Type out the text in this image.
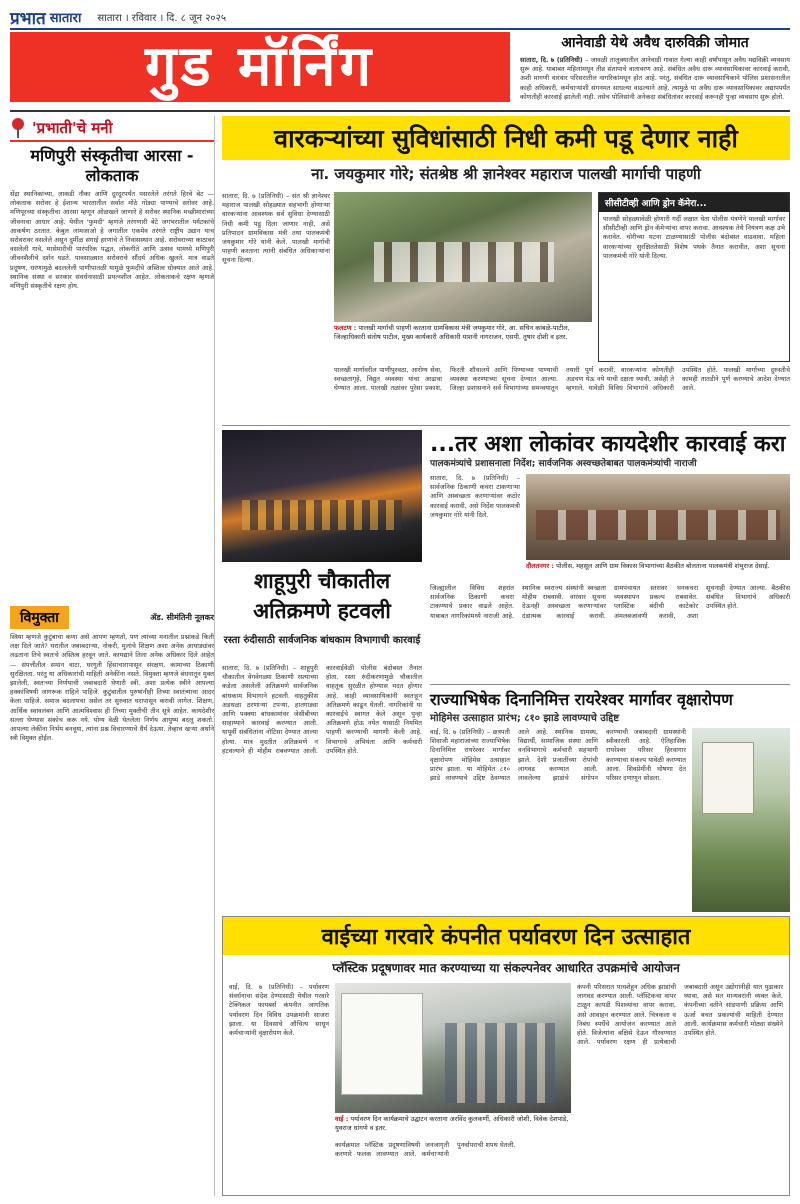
प्रभात सातारा सातारा । रविवार । दि. ८ जून २०२५
गुड मॉर्निंग	आनेवाडी येथे अवैध दारुविक्री जोमात
सातारा, दि. ७ (प्रतिनिधी) – जावळी तालुक्यातील आनेवाडी गावात गेल्या काही वर्षांपासून अवैध मद्यविक्री व्यवसाय सुरू आहे. याबाबत महिलांमधून तीव्र संतापाचे वातावरण आहे. संबंधित अवैध दारू व्यावसायिकावर कारवाई करावी, अशी मागणी वारंवार परिसरातील नागरिकांमधून होत आहे. परंतु, संबंधित दारू व्यावसायिकाने पोलिस प्रशासनातील काही अधिकारी, कर्मचाऱ्यांशी संगनमत साधल्या वाढल्याने आहे. त्यामुळे या अवैध दारू व्यावसायिकावर अद्यापपर्यंत कोणतीही कारवाई झालेली नाही. तसेच पोलिसांनी अनेकदा संबंधितांवर कारवाई करूनही पुन्हा व्यवसाय सुरू होतो.
'प्रभाती'चे मनी
मणिपुरी संस्कृतीचा आरसा - लोकताक
सेंद्रा स्थानिकांच्या, लाकडी नौका आणि दूरदूरपर्यंत पसरलेले तरंगते हिरवे बेट — लोकताक सरोवर हे ईशान्य भारतातील सर्वात मोठे गोड्या पाण्याचे सरोवर आहे. मणिपूरच्या संस्कृतीचा आरसा म्हणून ओळखले जाणारे हे सरोवर स्थानिक मच्छीमारांच्या जीवनाचा आधार आहे. येथील 'फुमदी' म्हणजे तरंगणारी बेटे जगभरातील पर्यटकांचे आकर्षण ठरतात. केबुल लामजाओ हे जगातील एकमेव तरंगते राष्ट्रीय उद्यान याच सरोवरावर वसलेले असून दुर्मीळ संगाई हरणांचे ते निवासस्थान आहे. सरोवराच्या काठावर वसलेली गावे, मासेमारीची पारंपरिक पद्धत, लोकगीते आणि उत्सव यामध्ये मणिपुरी जीवनशैलीचे दर्शन घडते. पावसाळ्यात सरोवराचे सौंदर्य अधिक खुलते. मात्र वाढते प्रदूषण, धरणामुळे बदललेली पाणीपातळी यामुळे फुमदींचे अस्तित्व धोक्यात आले आहे. स्थानिक संस्था व सरकार संवर्धनासाठी प्रयत्नशील आहेत. लोकताकचे रक्षण म्हणजे मणिपुरी संस्कृतीचे रक्षण होय.
विमुक्ता	ॲड. सीमंतिनी नूलकर
स्त्रिया म्हणजे कुटुंबाचा कणा असे आपण म्हणतो, पण त्यांच्या मनातील प्रश्नांकडे किती लक्ष दिले जाते? घरातील जबाबदाऱ्या, नोकरी, मुलांचे शिक्षण अशा अनेक आघाड्यांवर लढताना तिचे स्वतःचे अस्तित्व हरवून जाते. कायद्याने तिला अनेक अधिकार दिले आहेत — संपत्तीतील समान वाटा, घरगुती हिंसाचारापासून संरक्षण, कामाच्या ठिकाणी सुरक्षितता. परंतु या अधिकारांची माहिती अनेकींना नसते. विमुक्ता म्हणजे बंधनातून मुक्त झालेली, स्वतःच्या निर्णयाची जबाबदारी घेणारी स्त्री. अशा प्रत्येक स्त्रीने आपल्या हक्कांविषयी जागरूक राहिले पाहिजे. कुटुंबातील पुरुषांनीही तिच्या स्वातंत्र्याचा आदर केला पाहिजे. समाज बदलायचा असेल तर सुरुवात घरापासून करावी लागेल. शिक्षण, आर्थिक स्वावलंबन आणि आत्मविश्वास ही तिच्या मुक्तीची तीन सूत्रे आहेत. कायदेशीर सल्ला घेण्यास संकोच करू नये. योग्य वेळी घेतलेला निर्णय आयुष्य बदलू शकतो. आपल्या लेकींना निर्भय बनवूया, त्यांना प्रश्न विचारण्याचे धैर्य देऊया. तेव्हाच खऱ्या अर्थाने स्त्री विमुक्त होईल.
वारकऱ्यांच्या सुविधांसाठी निधी कमी पडू देणार नाही
ना. जयकुमार गोरे; संतश्रेष्ठ श्री ज्ञानेश्वर महाराज पालखी मार्गाची पाहणी
सातारा, दि. ७ (प्रतिनिधी) – संत श्री ज्ञानेश्वर महाराज पालखी सोहळ्यात सहभागी होणाऱ्या वारकऱ्यांना आवश्यक सर्व सुविधा देण्यासाठी निधी कमी पडू दिला जाणार नाही, असे प्रतिपादन ग्रामविकास मंत्री तथा पालकमंत्री जयकुमार गोरे यांनी केले. पालखी मार्गाची पाहणी करताना त्यांनी संबंधित अधिकाऱ्यांना सूचना दिल्या.
फलटण : पालखी मार्गाची पाहणी करताना ग्रामविकास मंत्री जयकुमार गोरे, आ. सचिन कांबळे-पाटील, जिल्हाधिकारी संतोष पाटील, मुख्य कार्यकारी अधिकारी याशनी नागराजन, एसपी. तुषार दोशी व इतर.
सीसीटीव्ही आणि ड्रोन कॅमेरा...
पालखी सोहळ्यावेळी होणारी गर्दी लक्षात घेता पोलीस यंत्रणेने पालखी मार्गावर सीसीटीव्ही आणि ड्रोन कॅमेऱ्यांचा वापर करावा. आवश्यक तेथे नियंत्रण कक्ष उभे करावेत. चोरीच्या घटना टाळण्यासाठी पोलीस बंदोबस्त वाढवावा. महिला वारकऱ्यांच्या सुरक्षिततेसाठी विशेष पथके तैनात करावीत, अशा सूचना पालकमंत्री गोरे यांनी दिल्या.
पालखी मार्गावरील पाणीपुरवठा, आरोग्य सेवा, स्वच्छतागृहे, विद्युत व्यवस्था यांचा आढावा घेण्यात आला. पालखी तळांवर पुरेसा प्रकाश, फिरती शौचालये आणि पिण्याच्या पाण्याची व्यवस्था करण्याच्या सूचना देण्यात आल्या. जिल्हा प्रशासनाने सर्व विभागांच्या समन्वयातून तयारी पूर्ण करावी, वारकऱ्यांना कोणतीही अडचण येऊ नये याची दक्षता घ्यावी, असेही ते म्हणाले. यावेळी विविध विभागांचे अधिकारी उपस्थित होते. पालखी मार्गाच्या दुरुस्तीचे कामही तातडीने पूर्ण करण्याचे आदेश देण्यात आले.
...तर अशा लोकांवर कायदेशीर कारवाई करा
पालकमंत्र्यांचे प्रशासनाला निर्देश; सार्वजनिक अस्वच्छतेबाबत पालकमंत्र्यांची नाराजी
सातारा, दि. ७ (प्रतिनिधी) – सार्वजनिक ठिकाणी कचरा टाकणाऱ्या आणि अस्वच्छता करणाऱ्यांवर कठोर कारवाई करावी, असे निर्देश पालकमंत्री जयकुमार गोरे यांनी दिले.
दौलतनगर : पोलीस, महसूल आणि ग्राम विकास विभागांच्या बैठकीत बोलताना पालकमंत्री शंभुराज देसाई.
जिल्ह्यातील विविध शहरांत सार्वजनिक ठिकाणी कचरा टाकण्याचे प्रकार वाढले आहेत. याबाबत नागरिकांमध्ये नाराजी आहे. स्थानिक स्वराज्य संस्थांनी स्वच्छता मोहीम राबवावी. वारंवार सूचना देऊनही अस्वच्छता करणाऱ्यांवर दंडात्मक कारवाई करावी. ग्रामपंचायत स्तरावर घनकचरा व्यवस्थापन प्रकल्प राबवावेत. प्लास्टिक बंदीची काटेकोर अंमलबजावणी करावी, अशा सूचनाही देण्यात आल्या. बैठकीस संबंधित विभागांचे अधिकारी उपस्थित होते.
शाहूपुरी चौकातील अतिक्रमणे हटवली
रस्ता रुंदीसाठी सार्वजनिक बांधकाम विभागाची कारवाई
सातारा, दि. ७ (प्रतिनिधी) – शाहूपुरी चौकातील वेगवेगळ्या ठिकाणी रस्त्याच्या कडेला असलेली अतिक्रमणे सार्वजनिक बांधकाम विभागाने हटवली. वाहतुकीस अडथळा ठरणाऱ्या टपऱ्या, हातगाड्या आणि पक्क्या बांधकामांवर जेसीबीच्या साहाय्याने कारवाई करण्यात आली. यापूर्वी संबंधितांना नोटिसा देण्यात आल्या होत्या. मात्र मुदतीत अतिक्रमणे न हटवल्याने ही मोहीम राबवण्यात आली. कारवाईवेळी पोलीस बंदोबस्त तैनात होता. रस्ता रुंदीकरणामुळे चौकातील वाहतूक सुरळीत होण्यास मदत होणार आहे. काही व्यावसायिकांनी स्वतःहून अतिक्रमणे काढून घेतली. नागरिकांनी या कारवाईचे स्वागत केले असून पुन्हा अतिक्रमणे होऊ नयेत यासाठी नियमित पाहणी करण्याची मागणी केली आहे. विभागाचे अभियंता आणि कर्मचारी उपस्थित होते.
राज्याभिषेक दिनानिमित्त रायरेश्वर मार्गावर वृक्षारोपण
मोहिमेस उत्साहात प्रारंभ; ८१० झाडे लावण्याचे उद्दिष्ट
वाई, दि. ७ (प्रतिनिधी) – छत्रपती शिवाजी महाराजांच्या राज्याभिषेक दिनानिमित्त रायरेश्वर मार्गावर वृक्षारोपण मोहिमेस उत्साहात प्रारंभ झाला. या मोहिमेत ८१० झाडे लावण्याचे उद्दिष्ट ठेवण्यात आले आहे. स्थानिक ग्रामस्थ, विद्यार्थी, सामाजिक संस्था आणि वनविभागाचे कर्मचारी सहभागी झाले. देशी प्रजातींच्या रोपांची लागवड करण्यात आली. लावलेल्या झाडांचे संगोपन करण्याची जबाबदारी ग्रामस्थांनी स्वीकारली आहे. ऐतिहासिक रायरेश्वर परिसर हिरवागार करण्याचा संकल्प यावेळी करण्यात आला. शिवप्रेमींनी घोषणा देत परिसर दणाणून सोडला.
वाईच्या गरवारे कंपनीत पर्यावरण दिन उत्साहात
प्लॅस्टिक प्रदूषणावर मात करण्याच्या या संकल्पनेवर आधारित उपक्रमांचे आयोजन
वाई, दि. ७ (प्रतिनिधी) – पर्यावरण संवर्धनाचा संदेश देण्यासाठी येथील गरवारे टेक्निकल फायबर्स कंपनीत जागतिक पर्यावरण दिन विविध उपक्रमांनी साजरा झाला. या दिवसाचे औचित्य साधून कर्मचाऱ्यांनी वृक्षारोपण केले.
वाई : पर्यावरण दिन कार्यक्रमाचे उद्घाटन करताना अरविंद कुलकर्णी, अधिकारी जोशी, विवेक देशपांडे, युवराज धांगणे व इतर.
कार्यक्रमात प्लॅस्टिक प्रदूषणाविषयी जनजागृती करणारे फलक लावण्यात आले. कर्मचाऱ्यांनी पुनर्वापराची शपथ घेतली.
कंपनी परिसरात पाचशेहून अधिक झाडांची लागवड करण्यात आली. प्लॅस्टिकचा वापर टाळून कापडी पिशव्यांचा वापर करावा, असे आवाहन करण्यात आले. चित्रकला व निबंध स्पर्धेचे आयोजन करण्यात आले होते. विजेत्यांना बक्षिसे देऊन गौरवण्यात आले. पर्यावरण रक्षण ही प्रत्येकाची जबाबदारी असून उद्योगांनीही यात पुढाकार घ्यावा, असे मत मान्यवरांनी व्यक्त केले. कंपनीच्या वतीने सांडपाणी प्रक्रिया आणि ऊर्जा बचत प्रकल्पांची माहिती देण्यात आली. कार्यक्रमास कर्मचारी मोठ्या संख्येने उपस्थित होते.
